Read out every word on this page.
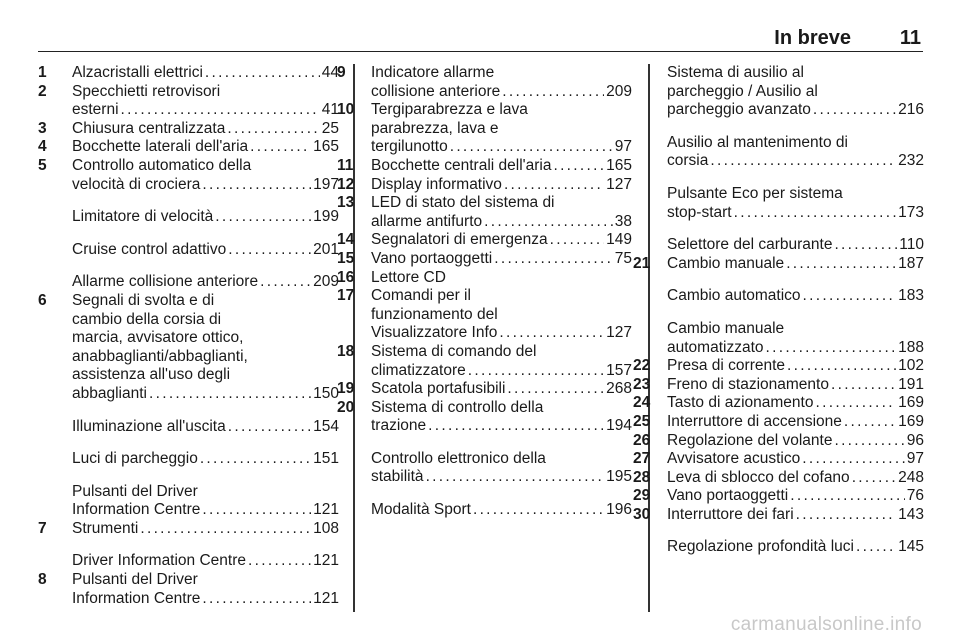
In breve 11
1	Alzacristalli elettrici . . .	44
2	Specchietti retrovisori
esterni . . .	41
3	Chiusura centralizzata . . .	25
4	Bocchette laterali dell'aria . . .	165
5	Controllo automatico della
velocità di crociera . . .	197
Limitatore di velocità . . .	199
Cruise control adattivo . . .	201
Allarme collisione anteriore . . .	209
6	Segnali di svolta e di
cambio della corsia di
marcia, avvisatore ottico,
anabbaglianti/abbaglianti,
assistenza all'uso degli
abbaglianti . . .	150
Illuminazione all'uscita . . .	154
Luci di parcheggio . . .	151
Pulsanti del Driver
Information Centre . . .	121
7	Strumenti . . .	108
Driver Information Centre . . .	121
8	Pulsanti del Driver
Information Centre . . .	121
9	Indicatore allarme
collisione anteriore . . .	209
10	Tergiparabrezza e lava
parabrezza, lava e
tergilunotto . . .	97
11	Bocchette centrali dell'aria . . .	165
12	Display informativo . . .	127
13	LED di stato del sistema di
allarme antifurto . . .	38
14	Segnalatori di emergenza . . .	149
15	Vano portaoggetti . . .	75
16	Lettore CD
17	Comandi per il
funzionamento del
Visualizzatore Info . . .	127
18	Sistema di comando del
climatizzatore . . .	157
19	Scatola portafusibili . . .	268
20	Sistema di controllo della
trazione . . .	194
Controllo elettronico della
stabilità . . .	195
Modalità Sport . . .	196
Sistema di ausilio al
parcheggio / Ausilio al
parcheggio avanzato . . .	216
Ausilio al mantenimento di
corsia . . .	232
Pulsante Eco per sistema
stop-start . . .	173
Selettore del carburante . . .	110
21	Cambio manuale . . .	187
Cambio automatico . . .	183
Cambio manuale
automatizzato . . .	188
22	Presa di corrente . . .	102
23	Freno di stazionamento . . .	191
24	Tasto di azionamento . . .	169
25	Interruttore di accensione . . .	169
26	Regolazione del volante . . .	96
27	Avvisatore acustico . . .	97
28	Leva di sblocco del cofano . . .	248
29	Vano portaoggetti . . .	76
30	Interruttore dei fari . . .	143
Regolazione profondità luci . . .	145
carmanualsonline.info
